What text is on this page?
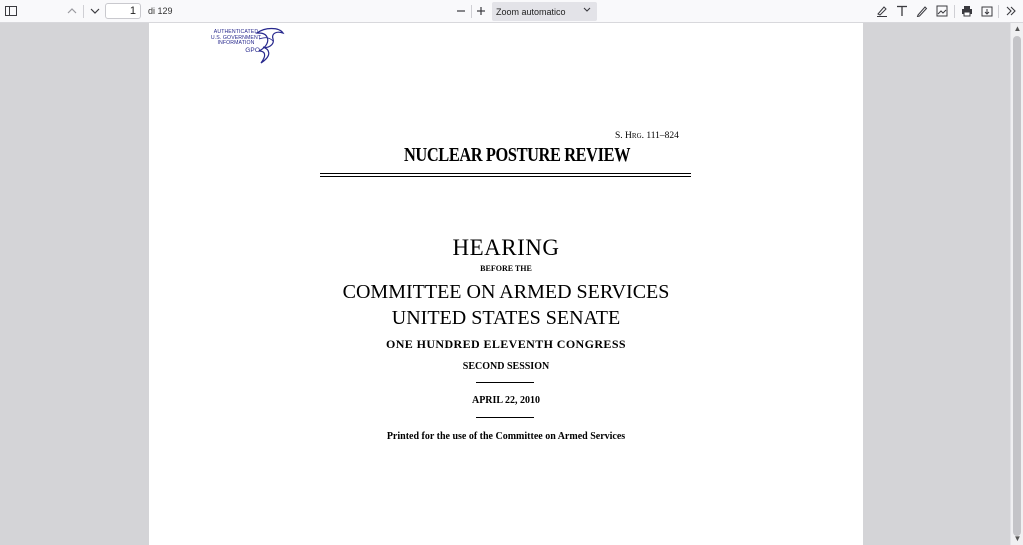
1
di 129	Zoom automatico
AUTHENTICATED
U.S. GOVERNMENT
INFORMATION
GPO
S. Hrg. 111–824
NUCLEAR POSTURE REVIEW
HEARING
BEFORE THE
COMMITTEE ON ARMED SERVICES
UNITED STATES SENATE
ONE HUNDRED ELEVENTH CONGRESS
SECOND SESSION
APRIL 22, 2010
Printed for the use of the Committee on Armed Services
▲
▼
